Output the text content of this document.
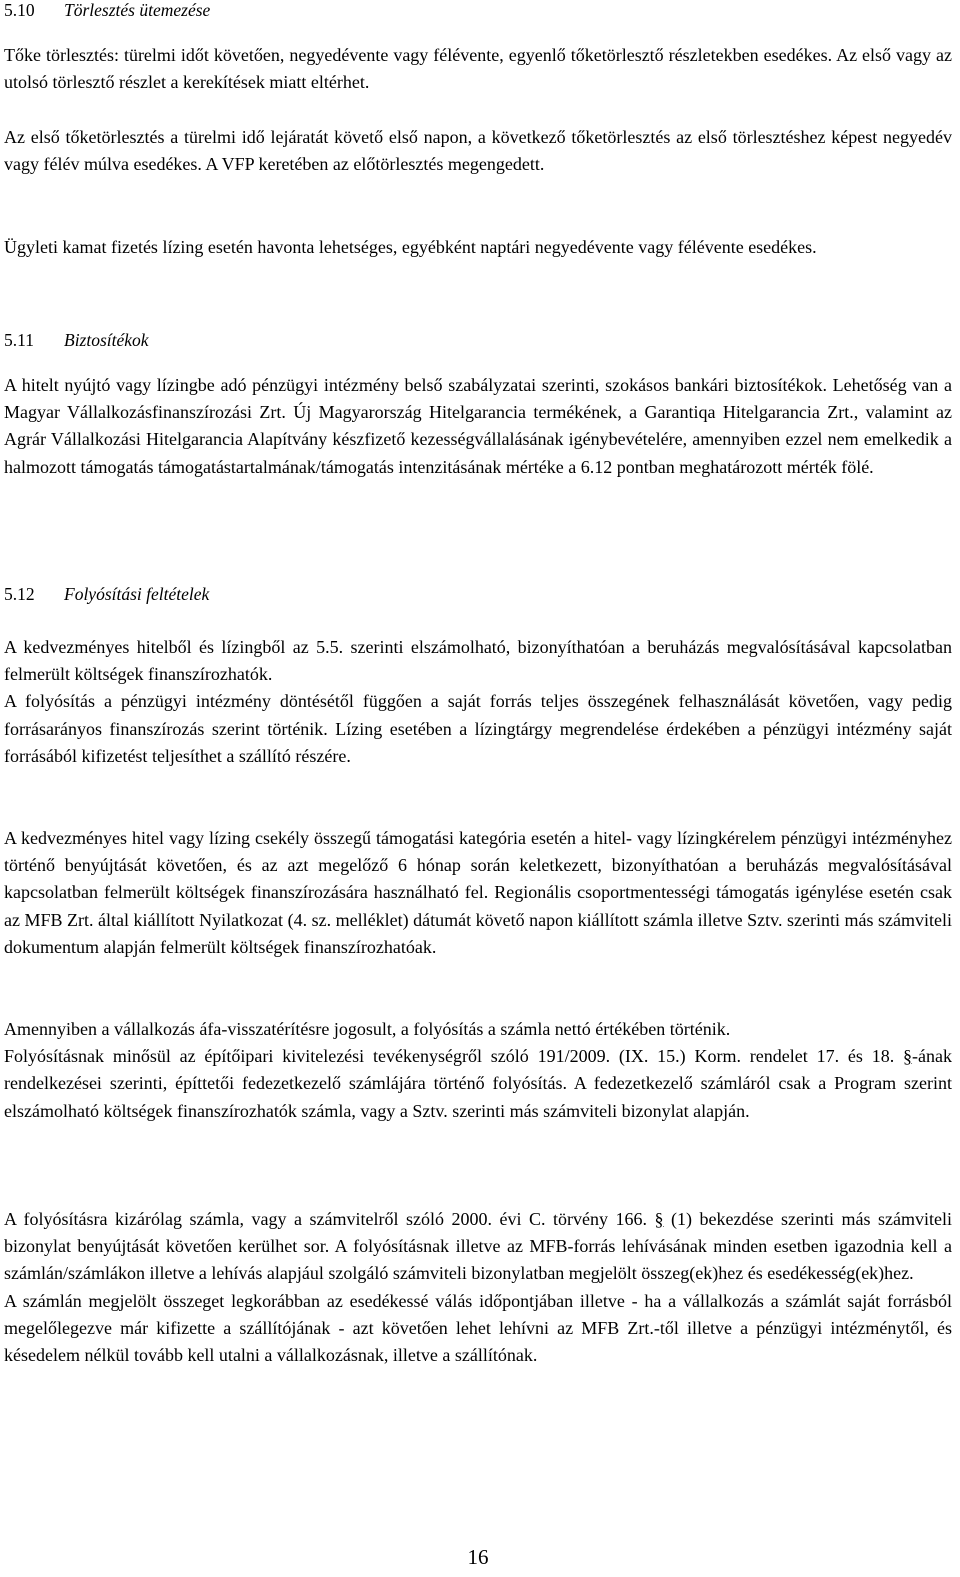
5.10 Törlesztés ütemezése

Tőke törlesztés: türelmi időt követően, negyedévente vagy félévente, egyenlő tőketörlesztő részletekben esedékes. Az első vagy az utolsó törlesztő részlet a kerekítések miatt eltérhet.

Az első tőketörlesztés a türelmi idő lejáratát követő első napon, a következő tőketörlesztés az első törlesztéshez képest negyedév vagy félév múlva esedékes. A VFP keretében az előtörlesztés megengedett.

Ügyleti kamat fizetés lízing esetén havonta lehetséges, egyébként naptári negyedévente vagy félévente esedékes.

5.11 Biztosítékok

A hitelt nyújtó vagy lízingbe adó pénzügyi intézmény belső szabályzatai szerinti, szokásos bankári biztosítékok. Lehetőség van a Magyar Vállalkozásfinanszírozási Zrt. Új Magyarország Hitelgarancia termékének, a Garantiqa Hitelgarancia Zrt., valamint az Agrár Vállalkozási Hitelgarancia Alapítvány készfizető kezességvállalásának igénybevételére, amennyiben ezzel nem emelkedik a halmozott támogatás támogatástartalmának/támogatás intenzitásának mértéke a 6.12 pontban meghatározott mérték fölé.

5.12 Folyósítási feltételek

A kedvezményes hitelből és lízingből az 5.5. szerinti elszámolható, bizonyíthatóan a beruházás megvalósításával kapcsolatban felmerült költségek finanszírozhatók.

A folyósítás a pénzügyi intézmény döntésétől függően a saját forrás teljes összegének felhasználását követően, vagy pedig forrásarányos finanszírozás szerint történik. Lízing esetében a lízingtárgy megrendelése érdekében a pénzügyi intézmény saját forrásából kifizetést teljesíthet a szállító részére.

A kedvezményes hitel vagy lízing csekély összegű támogatási kategória esetén a hitel- vagy lízingkérelem pénzügyi intézményhez történő benyújtását követően, és az azt megelőző 6 hónap során keletkezett, bizonyíthatóan a beruházás megvalósításával kapcsolatban felmerült költségek finanszírozására használható fel. Regionális csoportmentességi támogatás igénylése esetén csak az MFB Zrt. által kiállított Nyilatkozat (4. sz. melléklet) dátumát követő napon kiállított számla illetve Sztv. szerinti más számviteli dokumentum alapján felmerült költségek finanszírozhatóak.

Amennyiben a vállalkozás áfa-visszatérítésre jogosult, a folyósítás a számla nettó értékében történik.

Folyósításnak minősül az építőipari kivitelezési tevékenységről szóló 191/2009. (IX. 15.) Korm. rendelet 17. és 18. §-ának rendelkezései szerinti, építtetői fedezetkezelő számlájára történő folyósítás. A fedezetkezelő számláról csak a Program szerint elszámolható költségek finanszírozhatók számla, vagy a Sztv. szerinti más számviteli bizonylat alapján.

A folyósításra kizárólag számla, vagy a számvitelről szóló 2000. évi C. törvény 166. § (1) bekezdése szerinti más számviteli bizonylat benyújtását követően kerülhet sor. A folyósításnak illetve az MFB-forrás lehívásának minden esetben igazodnia kell a számlán/számlákon illetve a lehívás alapjául szolgáló számviteli bizonylatban megjelölt összeg(ek)hez és esedékesség(ek)hez.

A számlán megjelölt összeget legkorábban az esedékessé válás időpontjában illetve - ha a vállalkozás a számlát saját forrásból megelőlegezve már kifizette a szállítójának - azt követően lehet lehívni az MFB Zrt.-től illetve a pénzügyi intézménytől, és késedelem nélkül tovább kell utalni a vállalkozásnak, illetve a szállítónak.

16
